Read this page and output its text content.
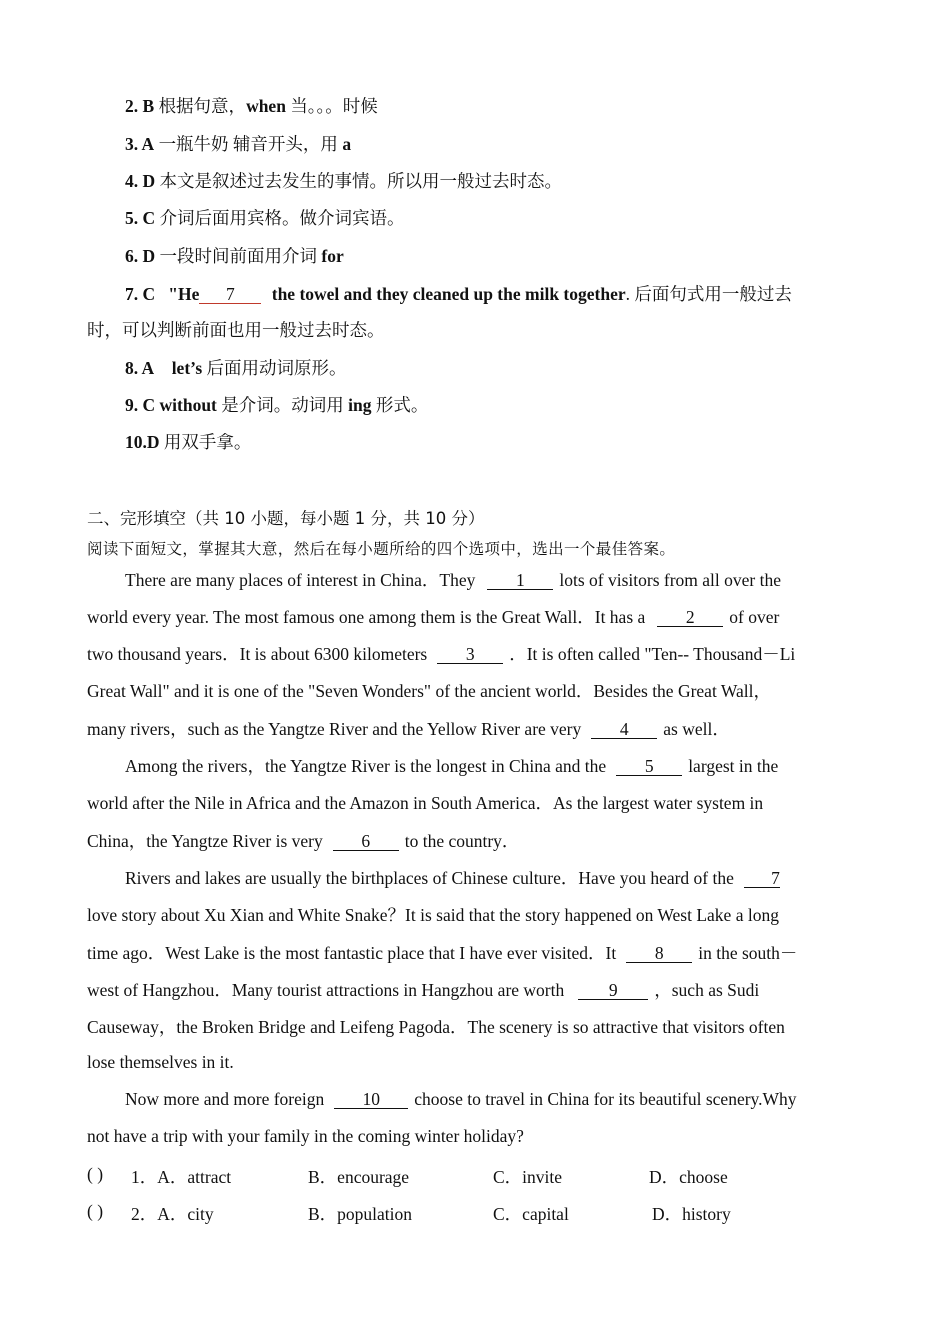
2. B 根据句意，when 当。。。时候
3. A 一瓶牛奶 辅音开头，用 a
4. D 本文是叙述过去发生的事情。所以用一般过去时态。
5. C 介词后面用宾格。做介词宾语。
6. D 一段时间前面用介词 for
7. C "He 7 the towel and they cleaned up the milk together. 后面句式用一般过去
时，可以判断前面也用一般过去时态。
8. A let’s 后面用动词原形。
9. C without 是介词。动词用 ing 形式。
10.D 用双手拿。
二、完形填空（共 10 小题，每小题 1 分，共 10 分）
阅读下面短文，掌握其大意，然后在每小题所给的四个选项中，选出一个最佳答案。
There are many places of interest in China．They 1 lots of visitors from all over the
world every year. The most famous one among them is the Great Wall．It has a 2 of over
two thousand years．It is about 6300 kilometers 3 ．It is often called "Ten-- Thousand－Li
Great Wall" and it is one of the "Seven Wonders" of the ancient world．Besides the Great Wall，
many rivers，such as the Yangtze River and the Yellow River are very 4 as well．
Among the rivers，the Yangtze River is the longest in China and the 5 largest in the
world after the Nile in Africa and the Amazon in South America．As the largest water system in
China，the Yangtze River is very 6 to the country．
Rivers and lakes are usually the birthplaces of Chinese culture．Have you heard of the 7
love story about Xu Xian and White Snake？It is said that the story happened on West Lake a long
time ago．West Lake is the most fantastic place that I have ever visited．It 8 in the south－
west of Hangzhou．Many tourist attractions in Hangzhou are worth	9 ，such as Sudi
Causeway，the Broken Bridge and Leifeng Pagoda．The scenery is so attractive that visitors often
lose themselves in it.
Now more and more foreign 10 choose to travel in China for its beautiful scenery.Why
not have a trip with your family in the coming winter holiday?
( ) 1．A．attract	B．encourage	C．invite	D．choose
( ) 2．A．city	B．population	C．capital	D．history
